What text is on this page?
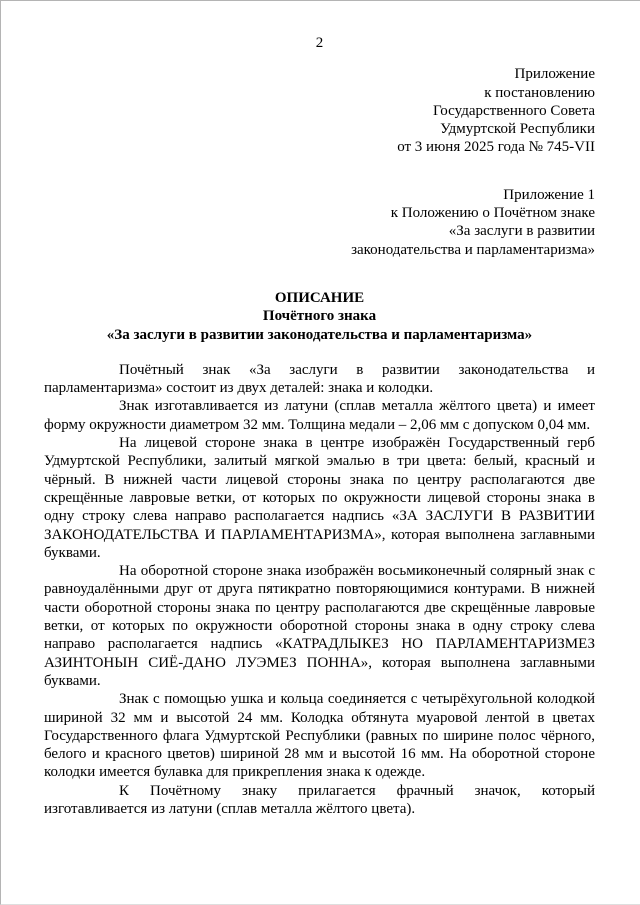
2
Приложение
к постановлению
Государственного Совета
Удмуртской Республики
от 3 июня 2025 года № 745-VII
Приложение 1
к Положению о Почётном знаке
«За заслуги в развитии
законодательства и парламентаризма»
ОПИСАНИЕ
Почётного знака
«За заслуги в развитии законодательства и парламентаризма»

Почётный знак «За заслуги в развитии законодательства и парламентаризма» состоит из двух деталей: знака и колодки.

Знак изготавливается из латуни (сплав металла жёлтого цвета) и имеет форму окружности диаметром 32 мм. Толщина медали – 2,06 мм с допуском 0,04 мм.

На лицевой стороне знака в центре изображён Государственный герб Удмуртской Республики, залитый мягкой эмалью в три цвета: белый, красный и чёрный. В нижней части лицевой стороны знака по центру располагаются две скрещённые лавровые ветки, от которых по окружности лицевой стороны знака в одну строку слева направо располагается надпись «ЗА ЗАСЛУГИ В РАЗВИТИИ ЗАКОНОДАТЕЛЬСТВА И ПАРЛАМЕНТАРИЗМА», которая выполнена заглавными буквами.

На оборотной стороне знака изображён восьмиконечный солярный знак с равноудалёнными друг от друга пятикратно повторяющимися контурами. В нижней части оборотной стороны знака по центру располагаются две скрещённые лавровые ветки, от которых по окружности оборотной стороны знака в одну строку слева направо располагается надпись «КАТРАДЛЫКЕЗ НО ПАРЛАМЕНТАРИЗМЕЗ АЗИНТОНЫН СИЁ-ДАНО ЛУЭМЕЗ ПОННА», которая выполнена заглавными буквами.

Знак с помощью ушка и кольца соединяется с четырёхугольной колодкой шириной 32 мм и высотой 24 мм. Колодка обтянута муаровой лентой в цветах Государственного флага Удмуртской Республики (равных по ширине полос чёрного, белого и красного цветов) шириной 28 мм и высотой 16 мм. На оборотной стороне колодки имеется булавка для прикрепления знака к одежде.

К Почётному знаку прилагается фрачный значок, который изготавливается из латуни (сплав металла жёлтого цвета).
